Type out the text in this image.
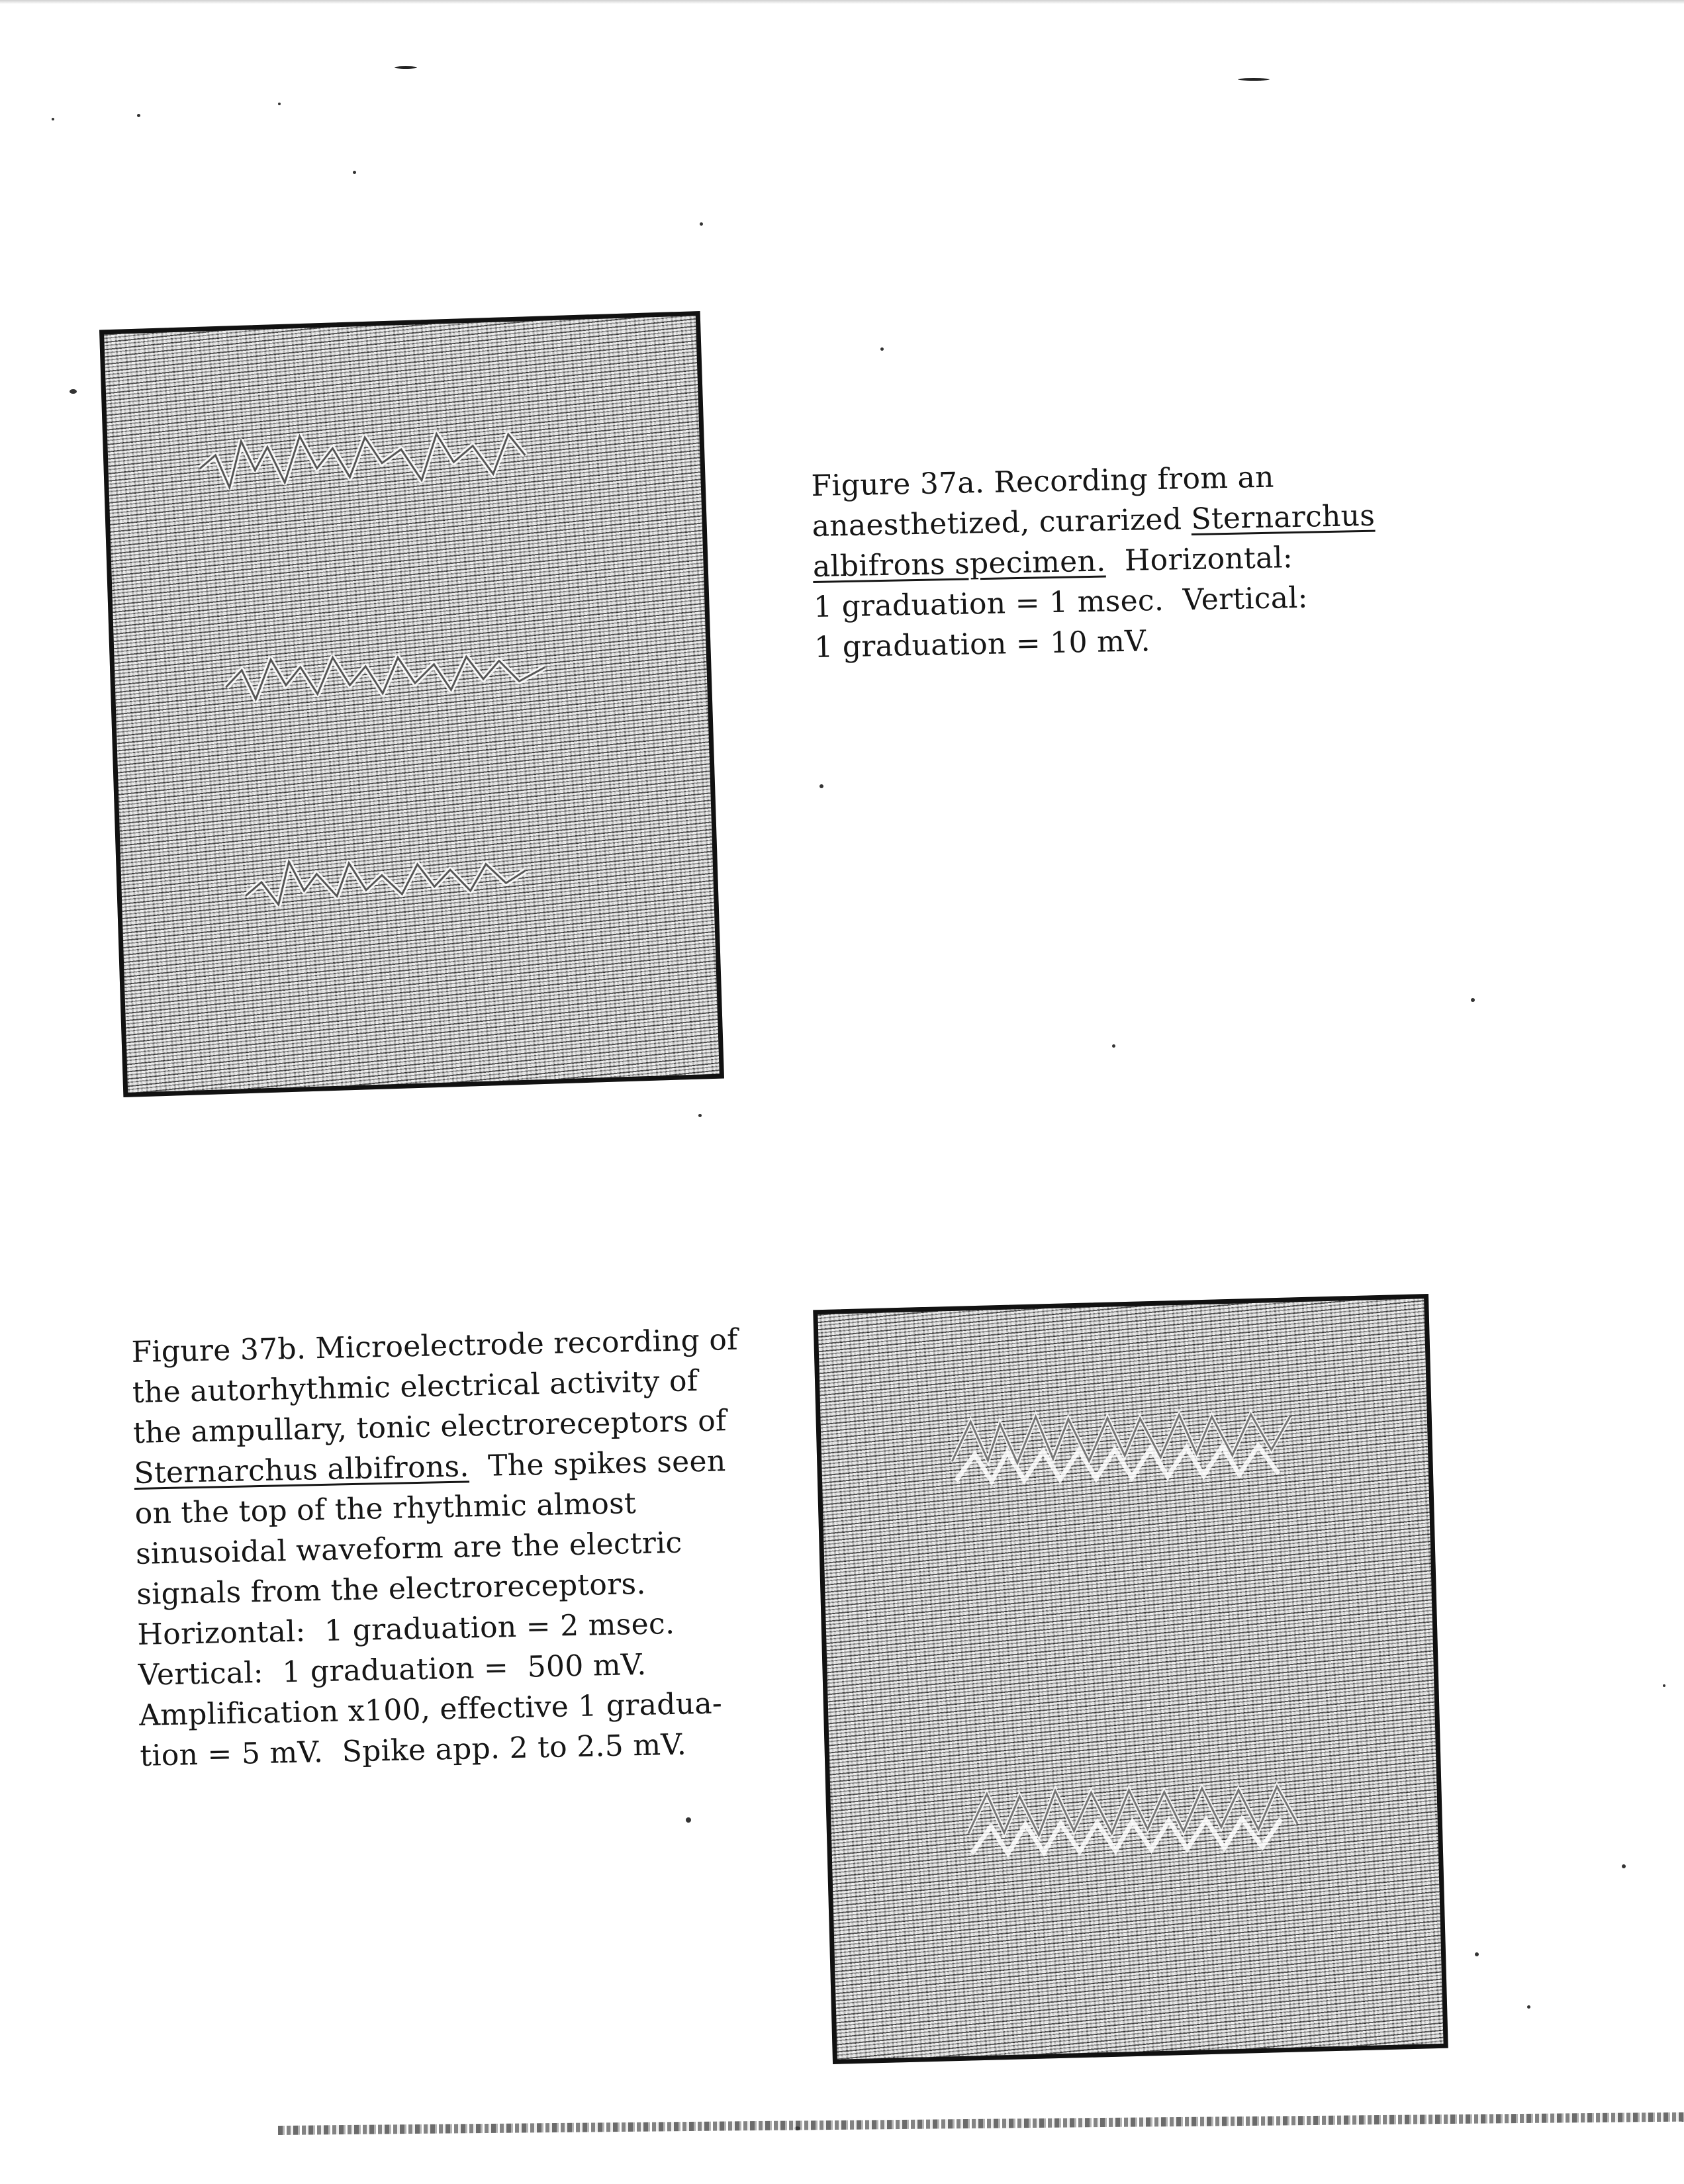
Figure 37a. Recording from an
anaesthetized, curarized Sternarchus
albifrons specimen.  Horizontal:
1 graduation = 1 msec.  Vertical:
1 graduation = 10 mV.
Figure 37b. Microelectrode recording of
the autorhythmic electrical activity of
the ampullary, tonic electroreceptors of
Sternarchus albifrons.  The spikes seen
on the top of the rhythmic almost
sinusoidal waveform are the electric
signals from the electroreceptors.
Horizontal:  1 graduation = 2 msec.
Vertical:  1 graduation =  500 mV.
Amplification x100, effective 1 gradua-
tion = 5 mV.  Spike app. 2 to 2.5 mV.
